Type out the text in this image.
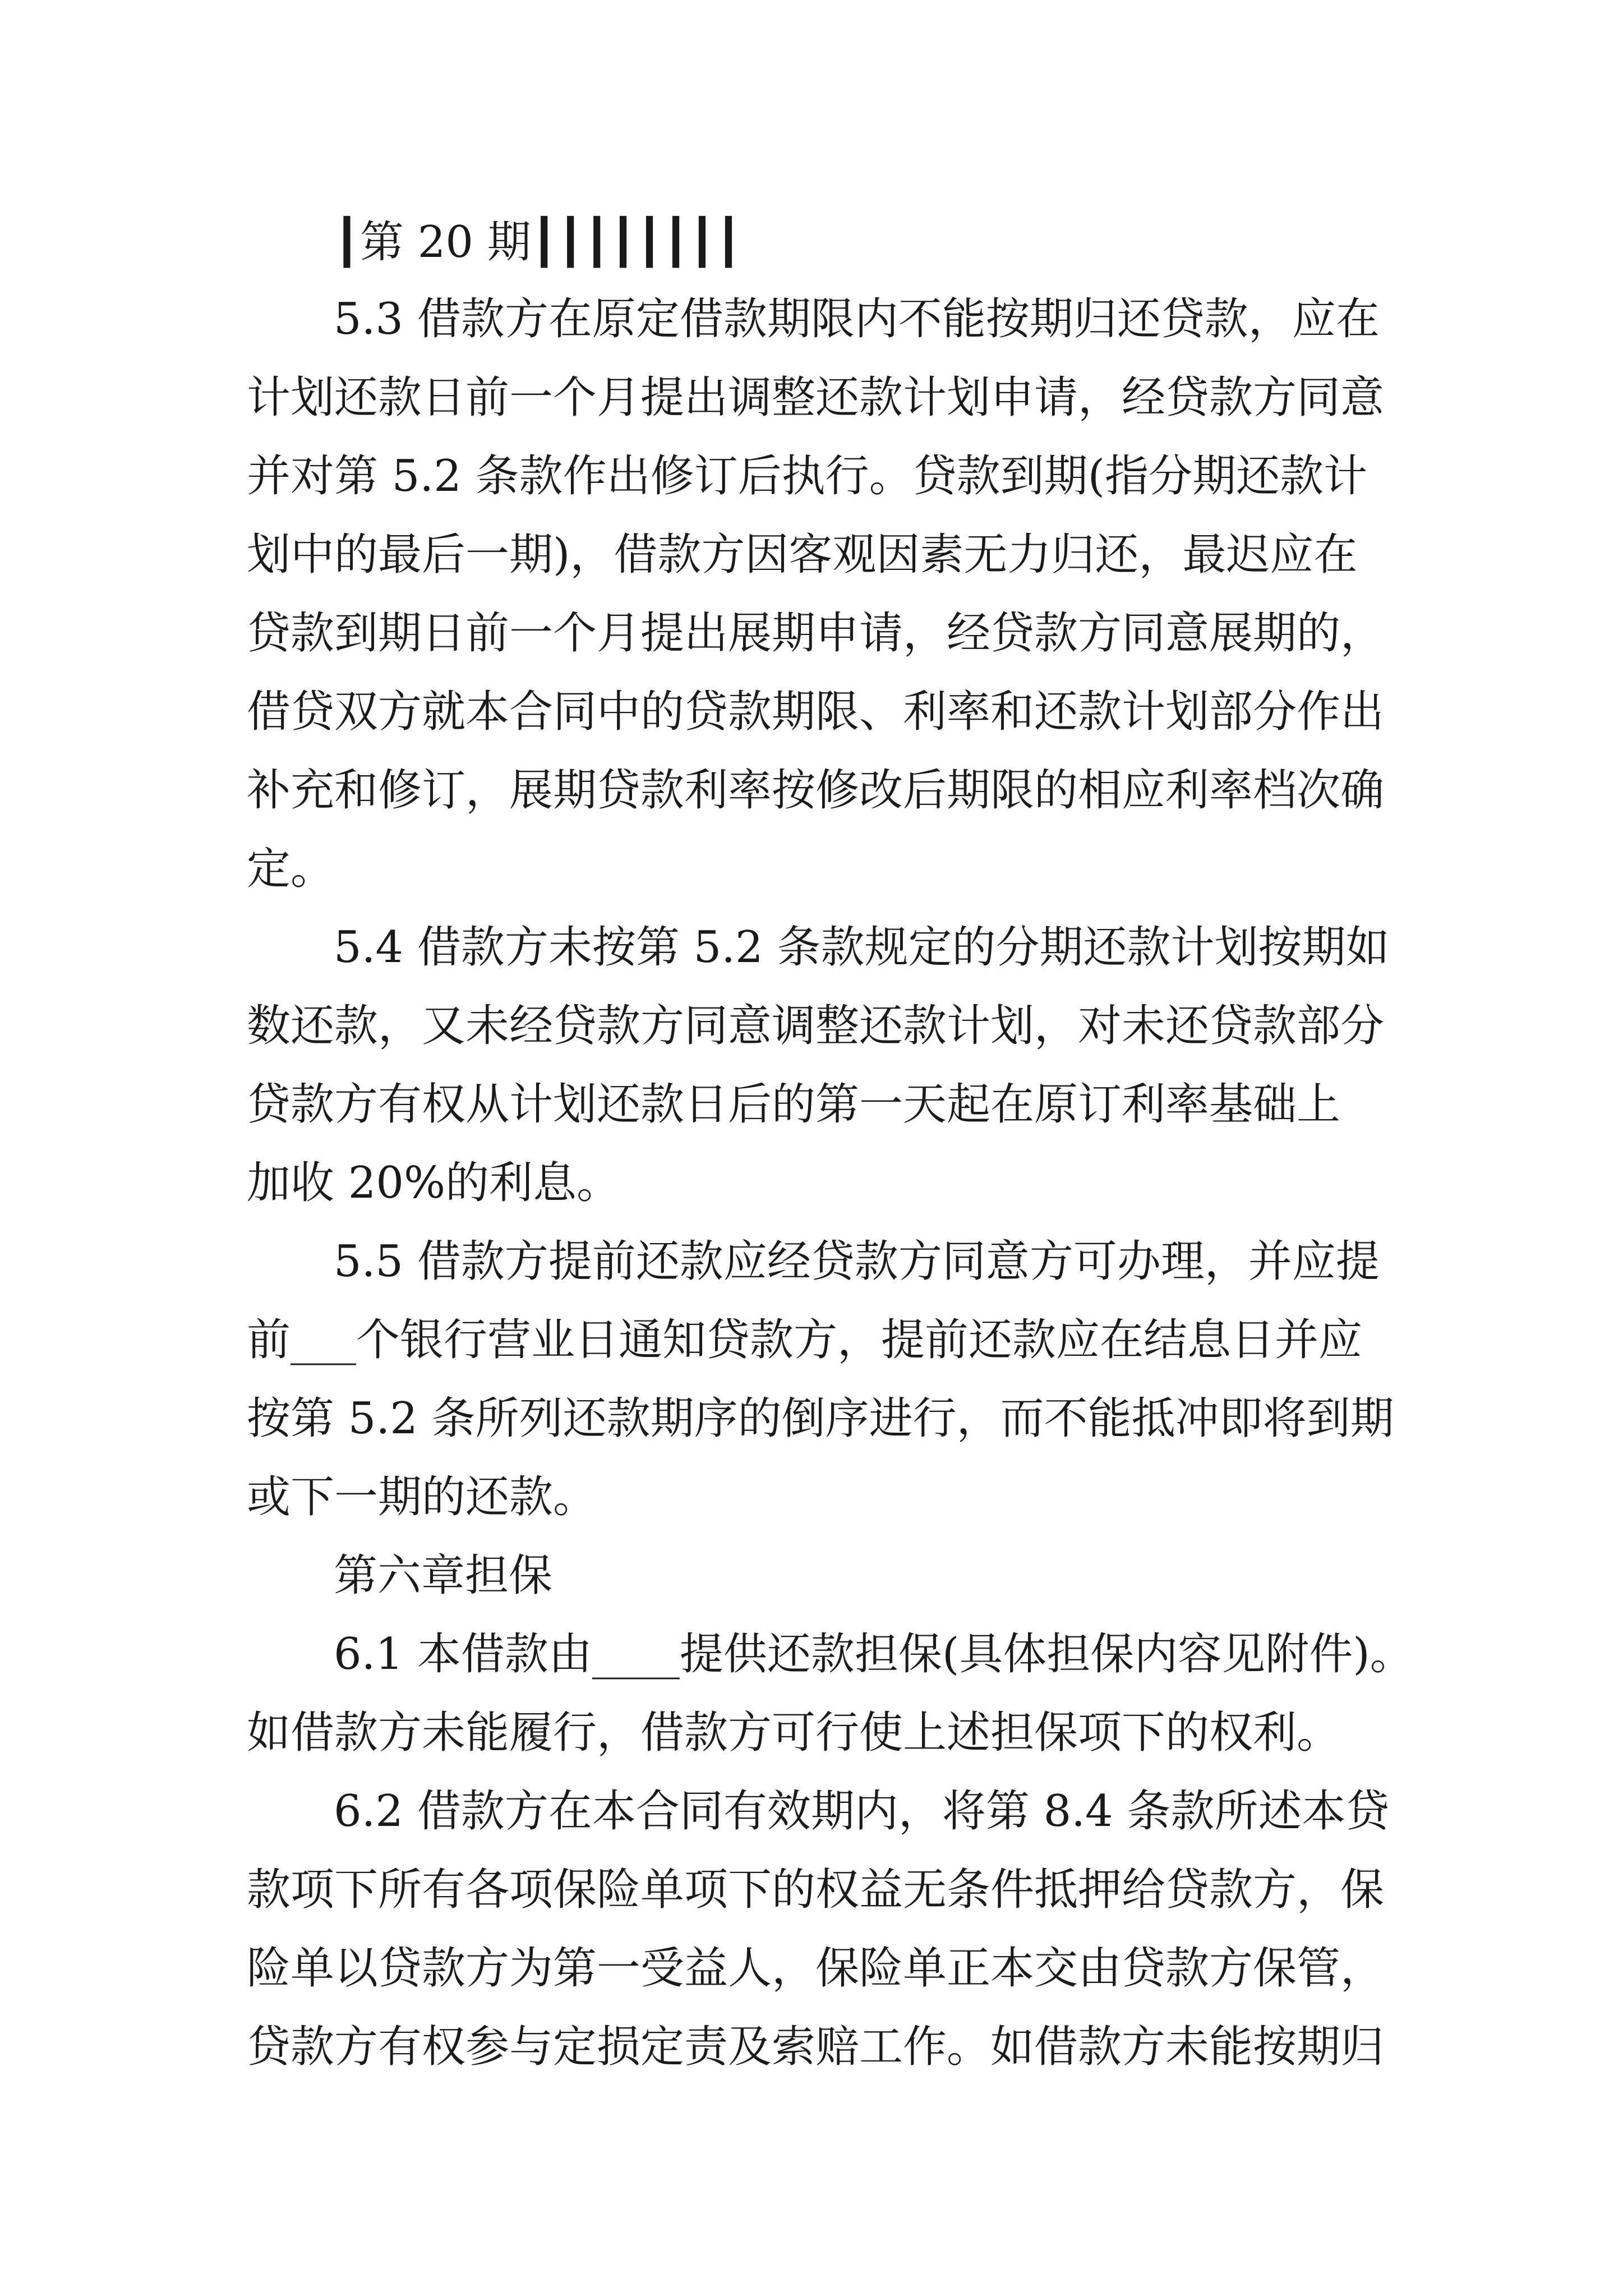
┃第 20 期┃┃┃┃┃┃┃┃
5.3 借款方在原定借款期限内不能按期归还贷款，应在
计划还款日前一个月提出调整还款计划申请，经贷款方同意
并对第 5.2 条款作出修订后执行。贷款到期(指分期还款计
划中的最后一期)，借款方因客观因素无力归还，最迟应在
贷款到期日前一个月提出展期申请，经贷款方同意展期的，
借贷双方就本合同中的贷款期限、利率和还款计划部分作出
补充和修订，展期贷款利率按修改后期限的相应利率档次确
定。
5.4 借款方未按第 5.2 条款规定的分期还款计划按期如
数还款，又未经贷款方同意调整还款计划，对未还贷款部分
贷款方有权从计划还款日后的第一天起在原订利率基础上
加收 20%的利息。
5.5 借款方提前还款应经贷款方同意方可办理，并应提
前___个银行营业日通知贷款方，提前还款应在结息日并应
按第 5.2 条所列还款期序的倒序进行，而不能抵冲即将到期
或下一期的还款。
第六章担保
6.1 本借款由____提供还款担保(具体担保内容见附件)。
如借款方未能履行，借款方可行使上述担保项下的权利。
6.2 借款方在本合同有效期内，将第 8.4 条款所述本贷
款项下所有各项保险单项下的权益无条件抵押给贷款方，保
险单以贷款方为第一受益人，保险单正本交由贷款方保管，
贷款方有权参与定损定责及索赔工作。如借款方未能按期归
